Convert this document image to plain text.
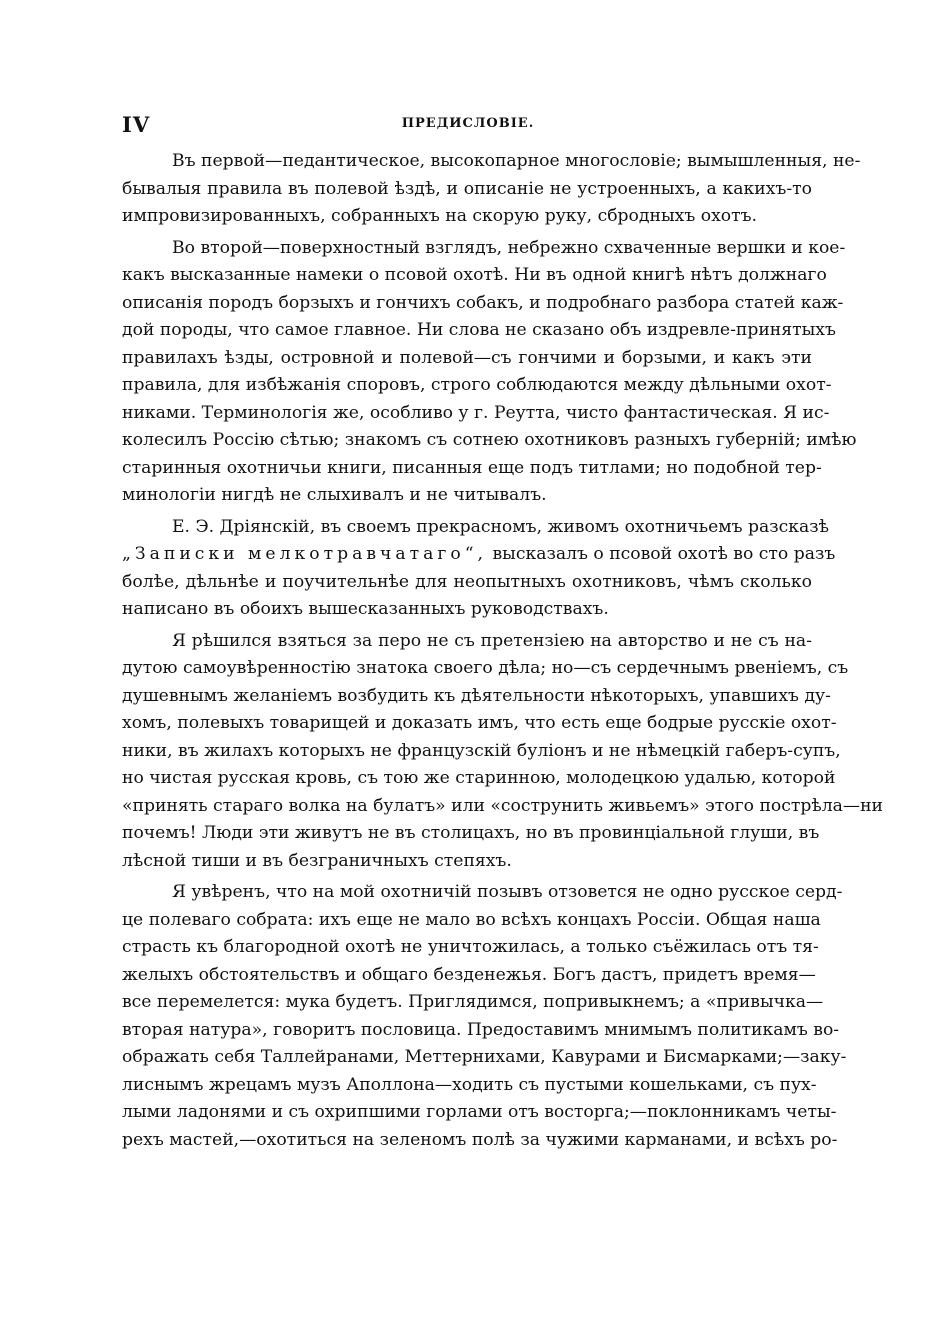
IV	ПРЕДИСЛОВІЕ.
Въ первой—педантическое, высокопарное многословіе; вымышленныя, не-
бывалыя правила въ полевой ѣздѣ, и описаніе не устроенныхъ, а какихъ-то
импровизированныхъ, собранныхъ на скорую руку, сбродныхъ охотъ.
Во второй—поверхностный взглядъ, небрежно схваченные вершки и кое-
какъ высказанные намеки о псовой охотѣ. Ни въ одной книгѣ нѣтъ должнаго
описанія породъ борзыхъ и гончихъ собакъ, и подробнаго разбора статей каж-
дой породы, что самое главное. Ни слова не сказано объ издревле-принятыхъ
правилахъ ѣзды, островной и полевой—съ гончими и борзыми, и какъ эти
правила, для избѣжанія споровъ, строго соблюдаются между дѣльными охот-
никами. Терминологія же, особливо у г. Реутта, чисто фантастическая. Я ис-
колесилъ Россію сѣтью; знакомъ съ сотнею охотниковъ разныхъ губерній; имѣю
старинныя охотничьи книги, писанныя еще подъ титлами; но подобной тер-
минологіи нигдѣ не слыхивалъ и не читывалъ.
Е. Э. Дріянскій, въ своемъ прекрасномъ, живомъ охотничьемъ разсказѣ
„Записки мелкотравчатаго“, высказалъ о псовой охотѣ во сто разъ
болѣе, дѣльнѣе и поучительнѣе для неопытныхъ охотниковъ, чѣмъ сколько
написано въ обоихъ вышесказанныхъ руководствахъ.
Я рѣшился взяться за перо не съ претензіею на авторство и не съ на-
дутою самоувѣренностію знатока своего дѣла; но—съ сердечнымъ рвеніемъ, съ
душевнымъ желаніемъ возбудить къ дѣятельности нѣкоторыхъ, упавшихъ ду-
хомъ, полевыхъ товарищей и доказать имъ, что есть еще бодрые русскіе охот-
ники, въ жилахъ которыхъ не французскій буліонъ и не нѣмецкій габеръ-супъ,
но чистая русская кровь, съ тою же старинною, молодецкою удалью, которой
«принять стараго волка на булатъ» или «сострунить живьемъ» этого пострѣла—ни
почемъ! Люди эти живутъ не въ столицахъ, но въ провинціальной глуши, въ
лѣсной тиши и въ безграничныхъ степяхъ.
Я увѣренъ, что на мой охотничій позывъ отзовется не одно русское серд-
це полеваго собрата: ихъ еще не мало во всѣхъ концахъ Россіи. Общая наша
страсть къ благородной охотѣ не уничтожилась, а только съёжилась отъ тя-
желыхъ обстоятельствъ и общаго безденежья. Богъ дастъ, придетъ время—
все перемелется: мука будетъ. Приглядимся, попривыкнемъ; а «привычка—
вторая натура», говоритъ пословица. Предоставимъ мнимымъ политикамъ во-
ображать себя Таллейранами, Меттернихами, Кавурами и Бисмарками;—заку-
лиснымъ жрецамъ музъ Аполлона—ходить съ пустыми кошельками, съ пух-
лыми ладонями и съ охрипшими горлами отъ восторга;—поклонникамъ четы-
рехъ мастей,—охотиться на зеленомъ полѣ за чужими карманами, и всѣхъ ро-
